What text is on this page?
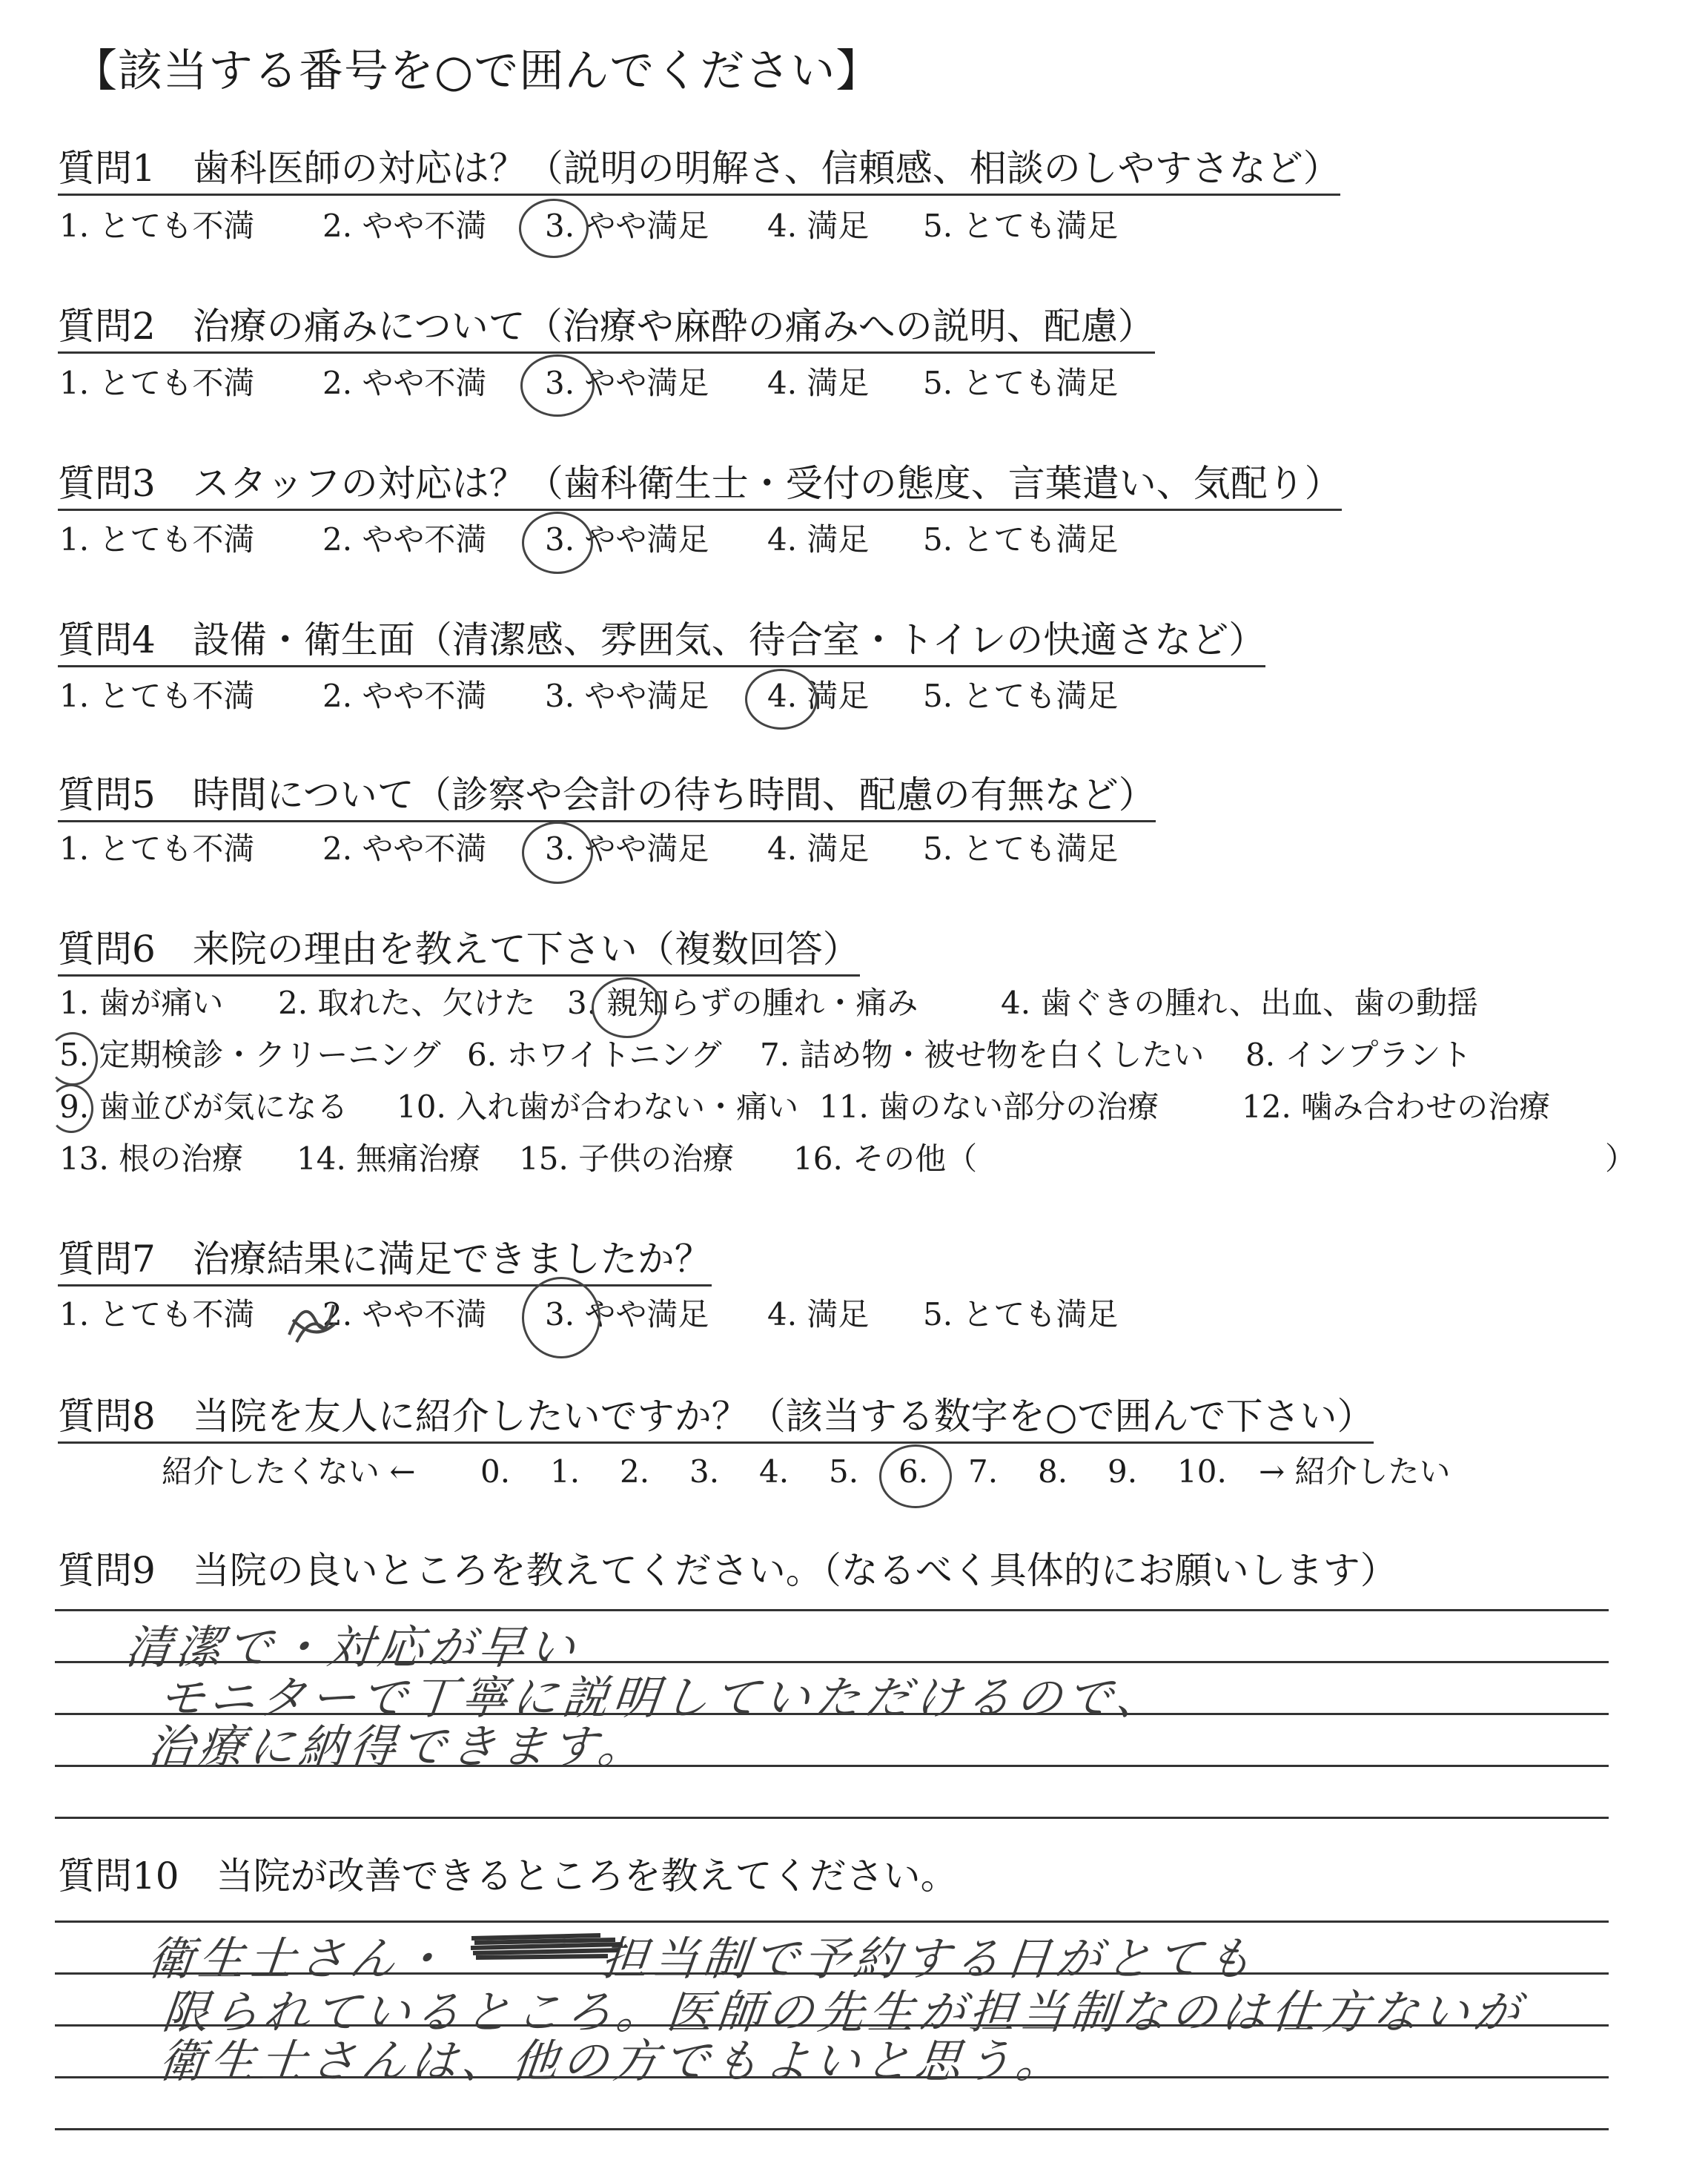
【該当する番号を○で囲んでください】
質問1　歯科医師の対応は？（説明の明解さ、信頼感、相談のしやすさなど）
1. とても不満 2. やや不満 3. やや満足 4. 満足 5. とても満足
質問2　治療の痛みについて（治療や麻酔の痛みへの説明、配慮）
1. とても不満 2. やや不満 3. やや満足 4. 満足 5. とても満足
質問3　スタッフの対応は？（歯科衛生士・受付の態度、言葉遣い、気配り）
1. とても不満 2. やや不満 3. やや満足 4. 満足 5. とても満足
質問4　設備・衛生面（清潔感、雰囲気、待合室・トイレの快適さなど）
1. とても不満 2. やや不満 3. やや満足 4. 満足 5. とても満足
質問5　時間について（診察や会計の待ち時間、配慮の有無など）
1. とても不満 2. やや不満 3. やや満足 4. 満足 5. とても満足
質問6　来院の理由を教えて下さい（複数回答）
1. 歯が痛い 2. 取れた、欠けた 3. 親知らずの腫れ・痛み	4. 歯ぐきの腫れ、出血、歯の動揺
5. 定期検診・クリーニング 6. ホワイトニング 7. 詰め物・被せ物を白くしたい 8. インプラント
9. 歯並びが気になる 10. 入れ歯が合わない・痛い 11. 歯のない部分の治療	12. 噛み合わせの治療
13. 根の治療 14. 無痛治療 15. 子供の治療 16. その他（	）
質問7　治療結果に満足できましたか？
1. とても不満 2. やや不満 3. やや満足 4. 満足 5. とても満足
質問8　当院を友人に紹介したいですか？（該当する数字を○で囲んで下さい）
紹介したくない ← 0. 1. 2. 3. 4. 5. 6. 7. 8. 9. 10. → 紹介したい
質問9　当院の良いところを教えてください。（なるべく具体的にお願いします）
清潔で・対応が早い
モニターで丁寧に説明していただけるので、
治療に納得できます。
質問10　当院が改善できるところを教えてください。
衛生士さん・　　　担当制で予約する日がとても
限られているところ。医師の先生が担当制なのは仕方ないが
衛生士さんは、他の方でもよいと思う。
